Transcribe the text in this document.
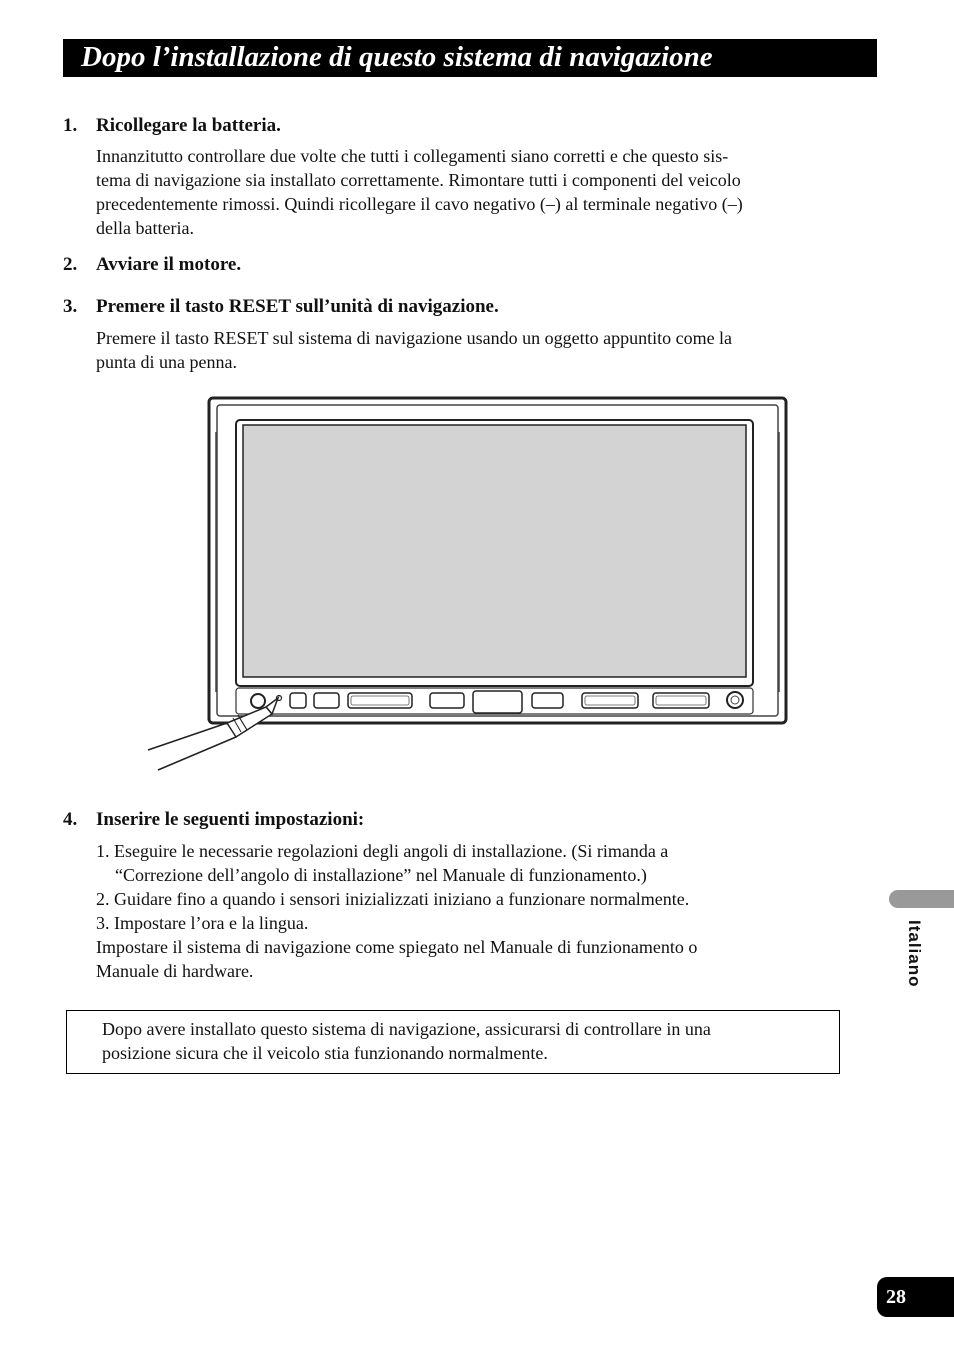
Dopo l’installazione di questo sistema di navigazione
1. Ricollegare la batteria.

Innanzitutto controllare due volte che tutti i collegamenti siano corretti e che questo sis-

tema di navigazione sia installato correttamente. Rimontare tutti i componenti del veicolo

precedentemente rimossi. Quindi ricollegare il cavo negativo (–) al terminale negativo (–)

della batteria.

2. Avviare il motore.
3. Premere il tasto RESET sull’unità di navigazione.

Premere il tasto RESET sul sistema di navigazione usando un oggetto appuntito come la

punta di una penna.

4. Inserire le seguenti impostazioni:

1. Eseguire le necessarie regolazioni degli angoli di installazione. (Si rimanda a

“Correzione dell’angolo di installazione” nel Manuale di funzionamento.)

2. Guidare fino a quando i sensori inizializzati iniziano a funzionare normalmente.

3. Impostare l’ora e la lingua.

Impostare il sistema di navigazione come spiegato nel Manuale di funzionamento o

Manuale di hardware.

Dopo avere installato questo sistema di navigazione, assicurarsi di controllare in una

posizione sicura che il veicolo stia funzionando normalmente.

Italiano
28
